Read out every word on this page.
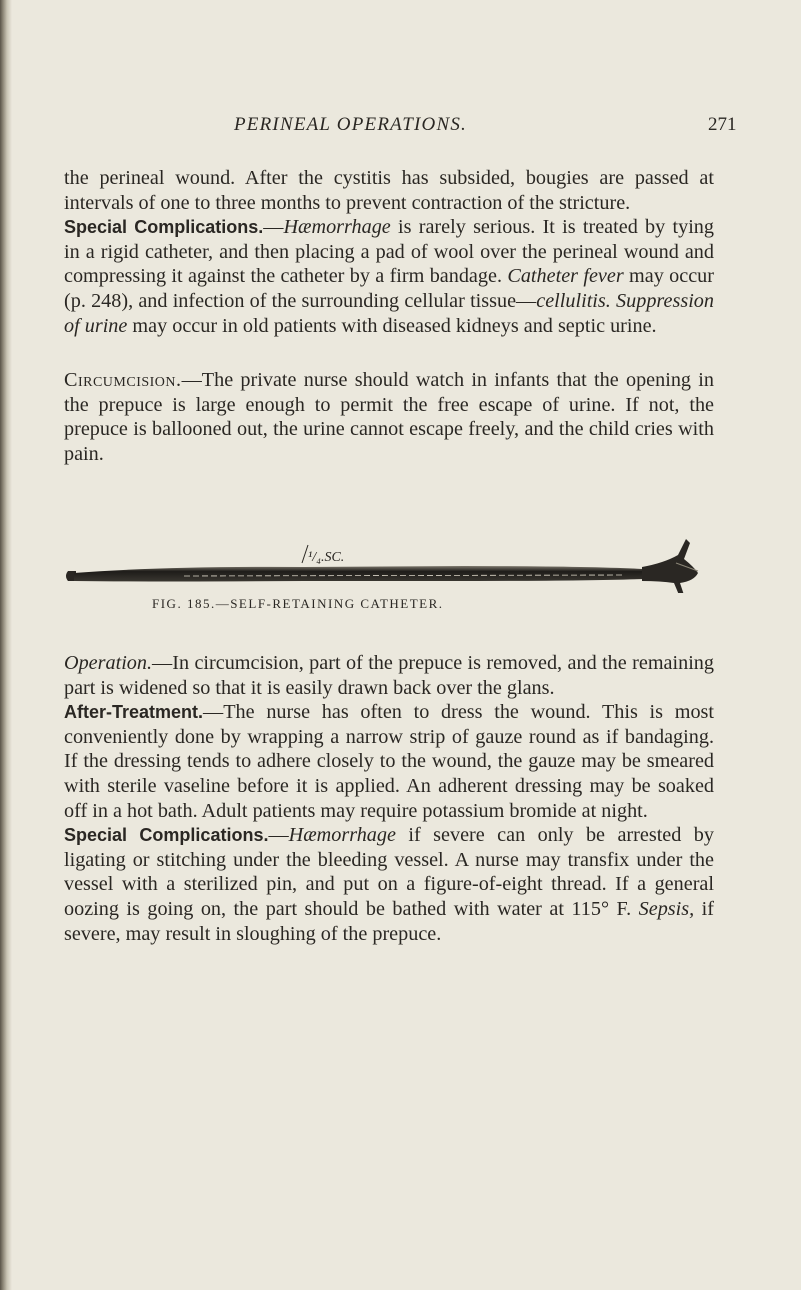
PERINEAL OPERATIONS.	271

the perineal wound. After the cystitis has subsided, bougies are passed at intervals of one to three months to prevent contraction of the stricture.

Special Complications.—Hæmorrhage is rarely serious. It is treated by tying in a rigid catheter, and then placing a pad of wool over the perineal wound and compressing it against the catheter by a firm bandage. Catheter fever may occur (p. 248), and infection of the surrounding cellular tissue—cellulitis. Suppression of urine may occur in old patients with diseased kidneys and septic urine.

Circumcision.—The private nurse should watch in infants that the opening in the prepuce is large enough to permit the free escape of urine. If not, the prepuce is ballooned out, the urine cannot escape freely, and the child cries with pain.

¹/₄.SC.
FIG. 185.—SELF-RETAINING CATHETER.

Operation.—In circumcision, part of the prepuce is removed, and the remaining part is widened so that it is easily drawn back over the glans.

After-Treatment.—The nurse has often to dress the wound. This is most conveniently done by wrapping a narrow strip of gauze round as if bandaging. If the dressing tends to adhere closely to the wound, the gauze may be smeared with sterile vaseline before it is applied. An adherent dressing may be soaked off in a hot bath. Adult patients may require potassium bromide at night.

Special Complications.—Hæmorrhage if severe can only be arrested by ligating or stitching under the bleeding vessel. A nurse may transfix under the vessel with a sterilized pin, and put on a figure-of-eight thread. If a general oozing is going on, the part should be bathed with water at 115° F. Sepsis, if severe, may result in sloughing of the prepuce.
